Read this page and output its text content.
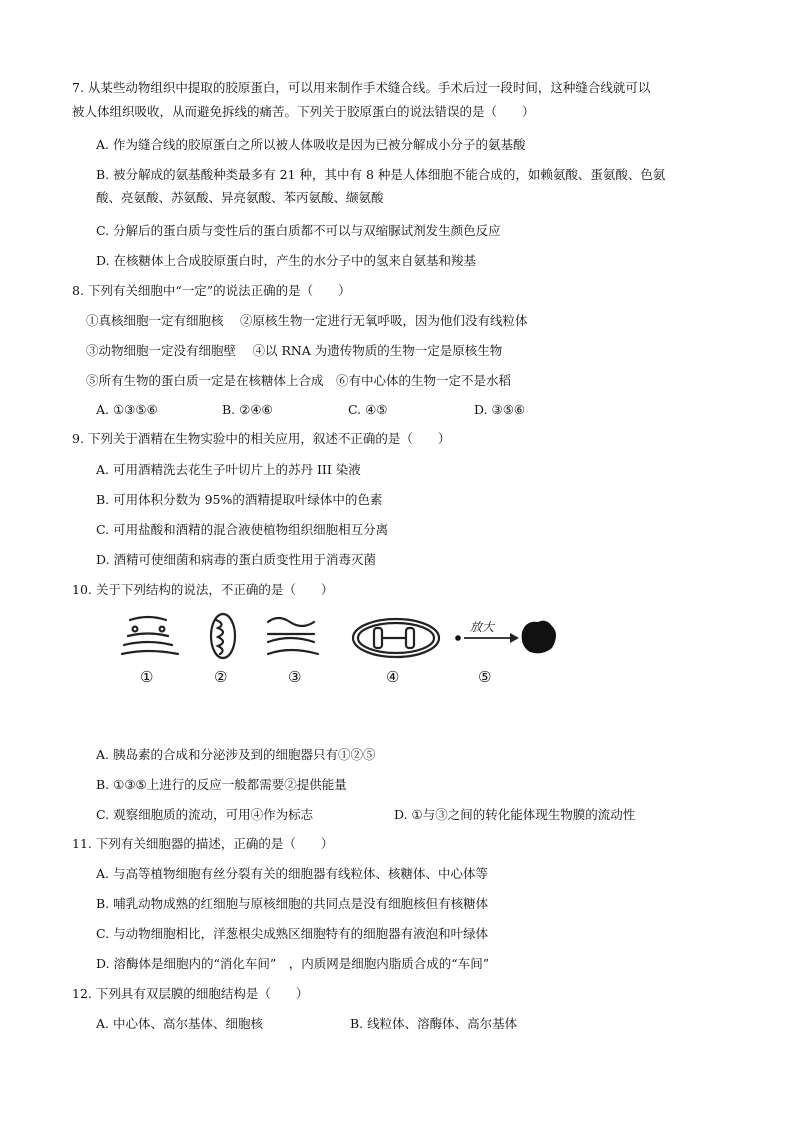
7. 从某些动物组织中提取的胶原蛋白，可以用来制作手术缝合线。手术后过一段时间，这种缝合线就可以
被人体组织吸收，从而避免拆线的痛苦。下列关于胶原蛋白的说法错误的是（　　）
A. 作为缝合线的胶原蛋白之所以被人体吸收是因为已被分解成小分子的氨基酸
B. 被分解成的氨基酸种类最多有 21 种，其中有 8 种是人体细胞不能合成的，如赖氨酸、蛋氨酸、色氨
酸、亮氨酸、苏氨酸、异亮氨酸、苯丙氨酸、缬氨酸
C. 分解后的蛋白质与变性后的蛋白质都不可以与双缩脲试剂发生颜色反应
D. 在核糖体上合成胶原蛋白时，产生的水分子中的氢来自氨基和羧基
8. 下列有关细胞中“一定”的说法正确的是（　　）
①真核细胞一定有细胞核　 ②原核生物一定进行无氧呼吸，因为他们没有线粒体
③动物细胞一定没有细胞壁　 ④以 RNA 为遗传物质的生物一定是原核生物
⑤所有生物的蛋白质一定是在核糖体上合成　⑥有中心体的生物一定不是水稻
A. ①③⑤⑥	B. ②④⑥	C. ④⑤	D. ③⑤⑥
9. 下列关于酒精在生物实验中的相关应用，叙述不正确的是（　　）
A. 可用酒精洗去花生子叶切片上的苏丹 III 染液
B. 可用体积分数为 95%的酒精提取叶绿体中的色素
C. 可用盐酸和酒精的混合液使植物组织细胞相互分离
D. 酒精可使细菌和病毒的蛋白质变性用于消毒灭菌
10. 关于下列结构的说法，不正确的是（　　）
放大
①	②	③	④	⑤
A. 胰岛素的合成和分泌涉及到的细胞器只有①②⑤
B. ①③⑤上进行的反应一般都需要②提供能量
C. 观察细胞质的流动，可用④作为标志	D. ①与③之间的转化能体现生物膜的流动性
11. 下列有关细胞器的描述，正确的是（　　）
A. 与高等植物细胞有丝分裂有关的细胞器有线粒体、核糖体、中心体等
B. 哺乳动物成熟的红细胞与原核细胞的共同点是没有细胞核但有核糖体
C. 与动物细胞相比，洋葱根尖成熟区细胞特有的细胞器有液泡和叶绿体
D. 溶酶体是细胞内的“消化车间”　，内质网是细胞内脂质合成的“车间”
12. 下列具有双层膜的细胞结构是（　　）
A. 中心体、高尔基体、细胞核	B. 线粒体、溶酶体、高尔基体
